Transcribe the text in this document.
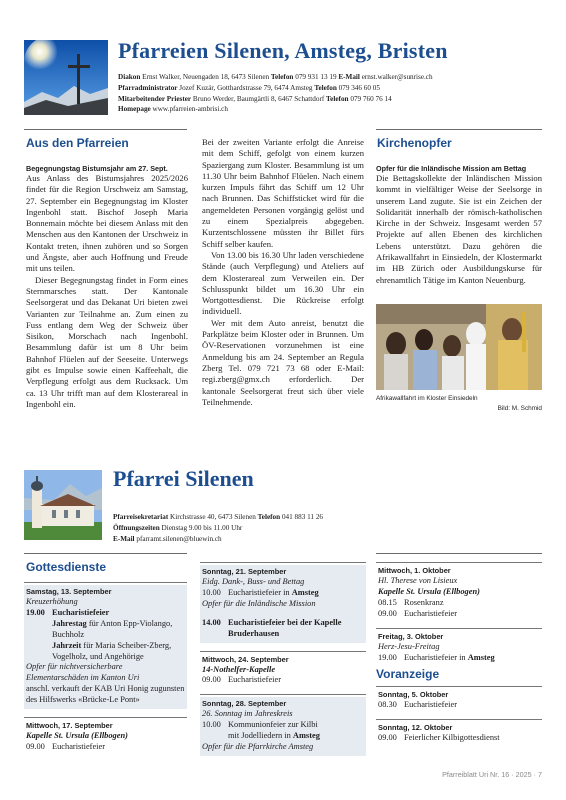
Pfarreien Silenen, Amsteg, Bristen
Diakon Ernst Walker, Neuengaden 18, 6473 Silenen Telefon 079 931 13 19 E-Mail ernst.walker@sunrise.ch
Pfarradministrator Jozef Kuzár, Gotthardstrasse 79, 6474 Amsteg Telefon 079 346 60 05
Mitarbeitender Priester Bruno Werder, Baumgärtli 8, 6467 Schattdorf Telefon 079 760 76 14
Homepage www.pfarreien-ambrisi.ch
Aus den Pfarreien
Begegnungstag Bistumsjahr am 27. Sept.

Aus Anlass des Bistumsjahres 2025/2026 findet für die Region Urschweiz am Samstag, 27. September ein Begegnungstag im Kloster Ingenbohl statt. Bischof Joseph Maria Bonnemain möchte bei diesem Anlass mit den Menschen aus den Kantonen der Urschweiz in Kontakt treten, ihnen zuhören und so Sorgen und Ängste, aber auch Hoffnung und Freude mit uns teilen.

Dieser Begegnungstag findet in Form eines Sternmarsches statt. Der Kantonale Seelsorgerat und das Dekanat Uri bieten zwei Varianten zur Teilnahme an. Zum einen zu Fuss entlang dem Weg der Schweiz über Sisikon, Morschach nach Ingenbohl. Besammlung dafür ist um 8 Uhr beim Bahnhof Flüelen auf der Seeseite. Unterwegs gibt es Impulse sowie einen Kaffeehalt, die Verpflegung erfolgt aus dem Rucksack. Um ca. 13 Uhr trifft man auf dem Klosterareal in Ingenbohl ein.

Bei der zweiten Variante erfolgt die Anreise mit dem Schiff, gefolgt von einem kurzen Spaziergang zum Kloster. Besammlung ist um 11.30 Uhr beim Bahnhof Flüelen. Nach einem kurzen Impuls fährt das Schiff um 12 Uhr nach Brunnen. Das Schiffsticket wird für die angemeldeten Personen vorgängig gelöst und zu einem Spezialpreis abgegeben. Kurzentschlossene müssten ihr Billet fürs Schiff selber kaufen.

Von 13.00 bis 16.30 Uhr laden verschiedene Stände (auch Verpflegung) und Ateliers auf dem Klosterareal zum Verweilen ein. Der Schlusspunkt bildet um 16.30 Uhr ein Wortgottesdienst. Die Rückreise erfolgt individuell.

Wer mit dem Auto anreist, benutzt die Parkplätze beim Kloster oder in Brunnen. Um ÖV-Reservationen vorzunehmen ist eine Anmeldung bis am 24. September an Regula Zberg Tel. 079 721 73 68 oder E-Mail: regi.zberg@gmx.ch erforderlich. Der kantonale Seelsorgerat freut sich über viele Teilnehmende.

Kirchenopfer
Opfer für die Inländische Mission am Bettag

Die Bettagskollekte der Inländischen Mission kommt in vielfältiger Weise der Seelsorge in unserem Land zugute. Sie ist ein Zeichen der Solidarität innerhalb der römisch-katholischen Kirche in der Schweiz. Insgesamt werden 57 Projekte auf allen Ebenen des kirchlichen Lebens unterstützt. Dazu gehören die Afrikawallfahrt in Einsiedeln, der Klostermarkt im HB Zürich oder Ausbildungskurse für ehrenamtlich Tätige im Kanton Neuenburg.

Afrikawallfahrt im Kloster Einsiedeln
Bild: M. Schmid
Pfarrei Silenen
Pfarreisekretariat Kirchstrasse 40, 6473 Silenen Telefon 041 883 11 26
Öffnungszeiten Dienstag 9.00 bis 11.00 Uhr
E-Mail pfarramt.silenen@bluewin.ch
Gottesdienste
Samstag, 13. September
Kreuzerhöhung
19.00 Eucharistiefeier
Jahrestag für Anton Epp-Violango, Buchholz
Jahrzeit für Maria Scheiber-Zberg, Vogelholz, und Angehörige
Opfer für nichtversicherbare Elementarschäden im Kanton Uri
anschl. verkauft der KAB Uri Honig zugunsten des Hilfswerks «Brücke-Le Pont»
Mittwoch, 17. September
Kapelle St. Ursula (Ellbogen)
09.00 Eucharistiefeier
Sonntag, 21. September
Eidg. Dank-, Buss- und Bettag
10.00 Eucharistiefeier in Amsteg
Opfer für die Inländische Mission
14.00 Eucharistiefeier bei der Kapelle Bruderhausen
Mittwoch, 24. September
14-Nothelfer-Kapelle
09.00 Eucharistiefeier
Sonntag, 28. September
26. Sonntag im Jahreskreis
10.00 Kommunionfeier zur Kilbi
mit Jodelliedern in Amsteg
Opfer für die Pfarrkirche Amsteg
Mittwoch, 1. Oktober
Hl. Therese von Lisieux
Kapelle St. Ursula (Ellbogen)
08.15 Rosenkranz
09.00 Eucharistiefeier
Freitag, 3. Oktober
Herz-Jesu-Freitag
19.00 Eucharistiefeier in Amsteg
Voranzeige
Sonntag, 5. Oktober
08.30 Eucharistiefeier
Sonntag, 12. Oktober
09.00 Feierlicher Kilbigottesdienst
Pfarreiblatt Uri Nr. 16 · 2025 · 7
